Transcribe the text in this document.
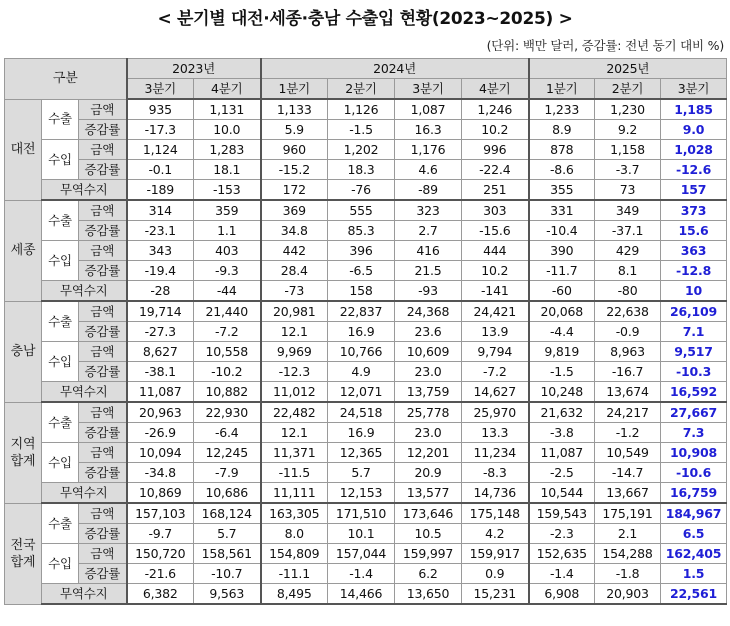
< 분기별 대전·세종·충남 수출입 현황(2023~2025) >
(단위: 백만 달러, 증감률: 전년 동기 대비 %)
구분			2023년		2024년				2025년		
			3분기	4분기	1분기	2분기	3분기	4분기	1분기	2분기	3분기
대전	수출	금액	935	1,131	1,133	1,126	1,087	1,246	1,233	1,230	1,185
		증감률	-17.3	10.0	5.9	-1.5	16.3	10.2	8.9	9.2	9.0
	수입	금액	1,124	1,283	960	1,202	1,176	996	878	1,158	1,028
		증감률	-0.1	18.1	-15.2	18.3	4.6	-22.4	-8.6	-3.7	-12.6
	무역수지		-189	-153	172	-76	-89	251	355	73	157
세종	수출	금액	314	359	369	555	323	303	331	349	373
		증감률	-23.1	1.1	34.8	85.3	2.7	-15.6	-10.4	-37.1	15.6
	수입	금액	343	403	442	396	416	444	390	429	363
		증감률	-19.4	-9.3	28.4	-6.5	21.5	10.2	-11.7	8.1	-12.8
	무역수지		-28	-44	-73	158	-93	-141	-60	-80	10
충남	수출	금액	19,714	21,440	20,981	22,837	24,368	24,421	20,068	22,638	26,109
		증감률	-27.3	-7.2	12.1	16.9	23.6	13.9	-4.4	-0.9	7.1
	수입	금액	8,627	10,558	9,969	10,766	10,609	9,794	9,819	8,963	9,517
		증감률	-38.1	-10.2	-12.3	4.9	23.0	-7.2	-1.5	-16.7	-10.3
	무역수지		11,087	10,882	11,012	12,071	13,759	14,627	10,248	13,674	16,592
지역
합계	수출	금액	20,963	22,930	22,482	24,518	25,778	25,970	21,632	24,217	27,667
		증감률	-26.9	-6.4	12.1	16.9	23.0	13.3	-3.8	-1.2	7.3
	수입	금액	10,094	12,245	11,371	12,365	12,201	11,234	11,087	10,549	10,908
		증감률	-34.8	-7.9	-11.5	5.7	20.9	-8.3	-2.5	-14.7	-10.6
	무역수지		10,869	10,686	11,111	12,153	13,577	14,736	10,544	13,667	16,759
전국
합계	수출	금액	157,103	168,124	163,305	171,510	173,646	175,148	159,543	175,191	184,967
		증감률	-9.7	5.7	8.0	10.1	10.5	4.2	-2.3	2.1	6.5
	수입	금액	150,720	158,561	154,809	157,044	159,997	159,917	152,635	154,288	162,405
		증감률	-21.6	-10.7	-11.1	-1.4	6.2	0.9	-1.4	-1.8	1.5
	무역수지		6,382	9,563	8,495	14,466	13,650	15,231	6,908	20,903	22,561
